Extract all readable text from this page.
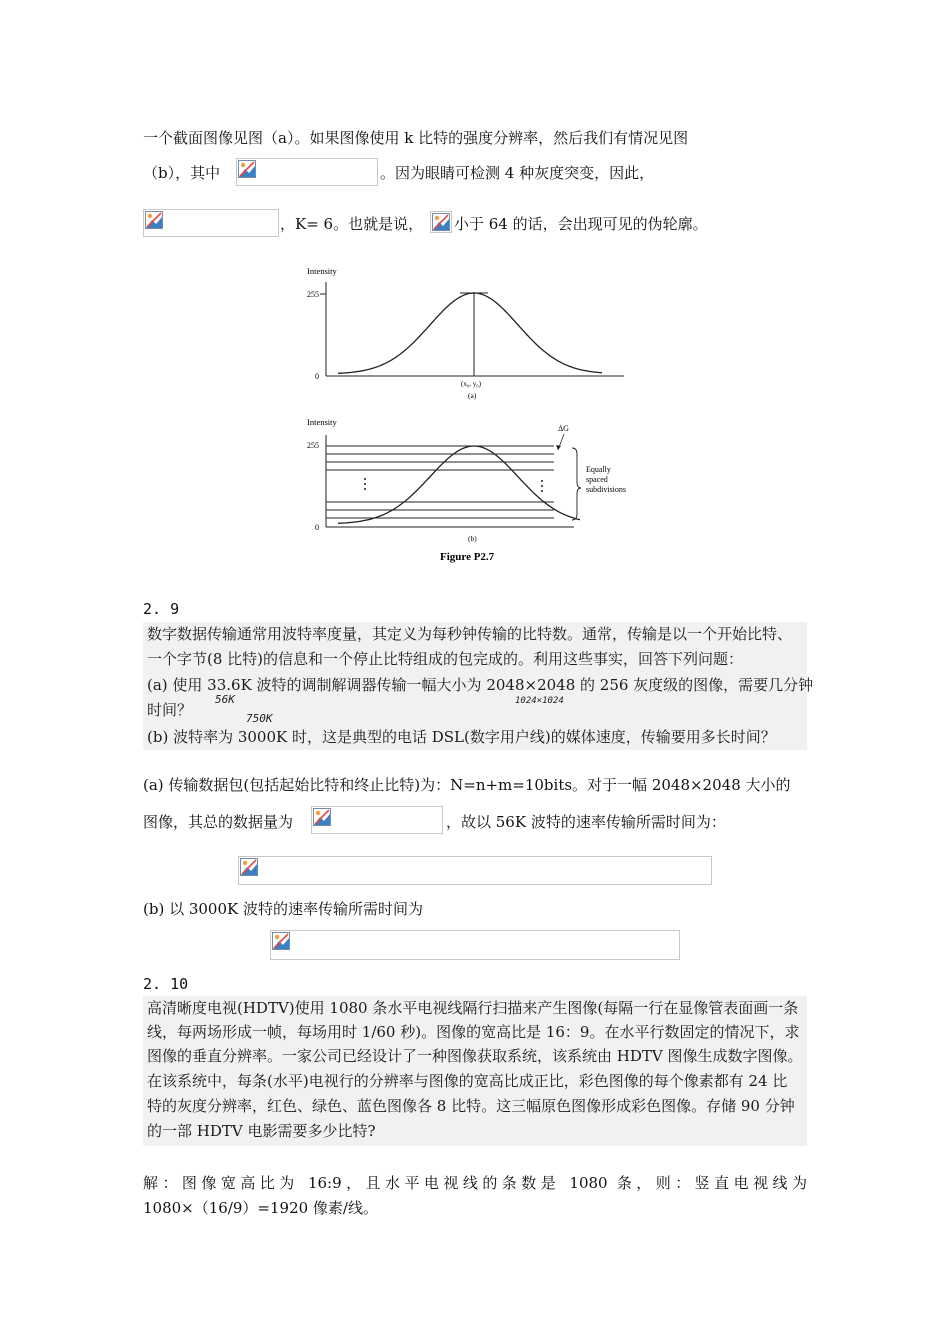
一个截面图像见图（a）。如果图像使用 k 比特的强度分辨率，然后我们有情况见图
（b），其中	。因为眼睛可检测 4 种灰度突变，因此，
，K= 6。也就是说， 小于 64 的话，会出现可见的伪轮廓。
Intensity
255
0
(x₀, y₀)
(a)
Intensity
255
0
ΔG
Equally
spaced
subdivisions
(b)
Figure P2.7
2. 9
数字数据传输通常用波特率度量，其定义为每秒钟传输的比特数。通常，传输是以一个开始比特、
一个字节(8 比特)的信息和一个停止比特组成的包完成的。利用这些事实，回答下列问题：
(a) 使用 33.6K 波特的调制解调器传输一幅大小为 2048×2048 的 256 灰度级的图像，需要几分钟
时间？
(b) 波特率为 3000K 时，这是典型的电话 DSL(数字用户线)的媒体速度，传输要用多长时间？
56K	1024×1024
750K
(a) 传输数据包(包括起始比特和终止比特)为：N=n+m=10bits。对于一幅 2048×2048 大小的
图像，其总的数据量为	，故以 56K 波特的速率传输所需时间为：
(b) 以 3000K 波特的速率传输所需时间为
2. 10
高清晰度电视(HDTV)使用 1080 条水平电视线隔行扫描来产生图像(每隔一行在显像管表面画一条
线，每两场形成一帧，每场用时 1/60 秒)。图像的宽高比是 16：9。在水平行数固定的情况下，求
图像的垂直分辨率。一家公司已经设计了一种图像获取系统，该系统由 HDTV 图像生成数字图像。
在该系统中，每条(水平)电视行的分辨率与图像的宽高比成正比，彩色图像的每个像素都有 24 比
特的灰度分辨率，红色、绿色、蓝色图像各 8 比特。这三幅原色图像形成彩色图像。存储 90 分钟
的一部 HDTV 电影需要多少比特?
解：图像宽高比为 16:9，且水平电视线的条数是 1080 条，则：竖直电视线为
1080×（16/9）=1920 像素/线。
